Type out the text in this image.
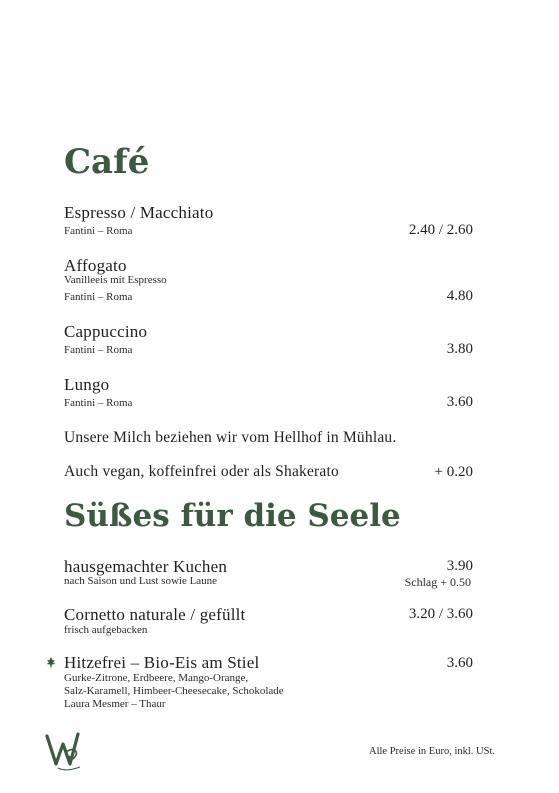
Café
Espresso / Macchiato
Fantini – Roma	2.40 / 2.60
Affogato
Vanilleeis mit Espresso
Fantini – Roma	4.80
Cappuccino
Fantini – Roma	3.80
Lungo
Fantini – Roma	3.60
Unsere Milch beziehen wir vom Hellhof in Mühlau.
Auch vegan, koffeinfrei oder als Shakerato	+ 0.20
Süßes für die Seele
hausgemachter Kuchen
nach Saison und Lust sowie Laune
3.90
Schlag + 0.50
Cornetto naturale / gefüllt
frisch aufgebacken
3.20 / 3.60
Hitzefrei – Bio-Eis am Stiel
Gurke-Zitrone, Erdbeere, Mango-Orange,
Salz-Karamell, Himbeer-Cheesecake, Schokolade
Laura Mesmer – Thaur
3.60
Alle Preise in Euro, inkl. USt.
